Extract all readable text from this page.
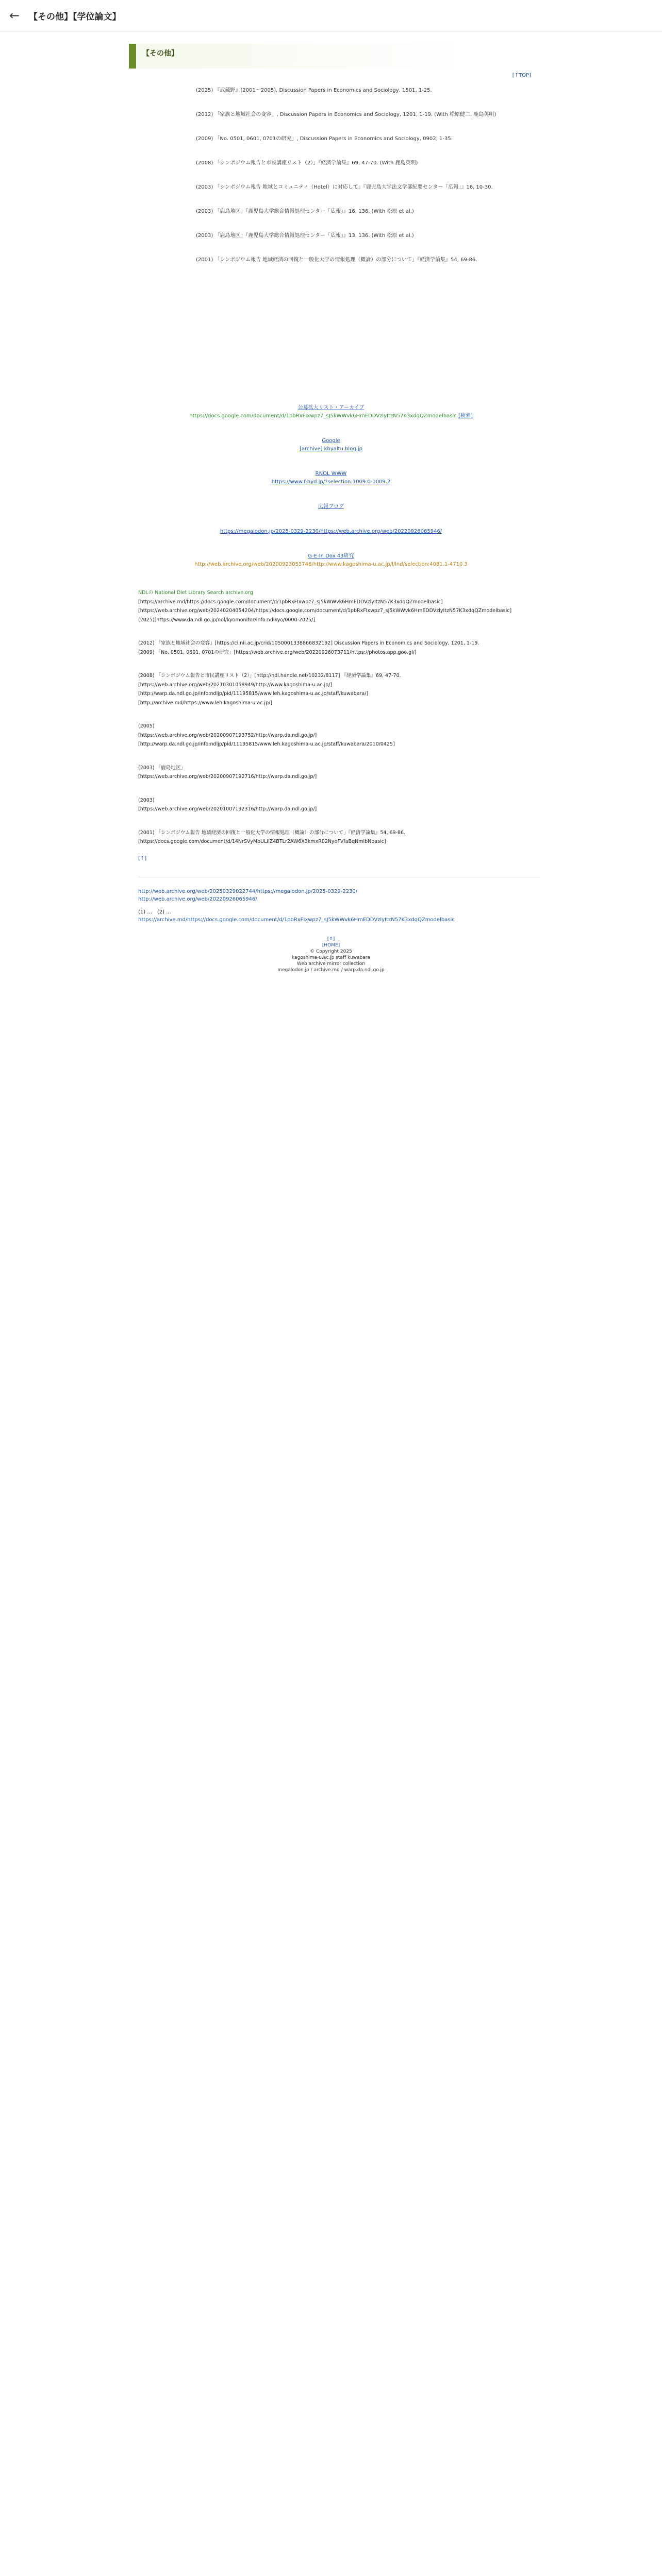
←	【その他】【学位論文】
【その他】
[↑TOP]
(2025) 『武蔵野』(2001〜2005), Discussion Papers in Economics and Sociology, 1501, 1-25.
(2012) 「家族と地域社会の変容」, Discussion Papers in Economics and Sociology, 1201, 1-19. (With 松原健二, 鹿島英明)
(2009) 「No. 0501, 0601, 0701の研究」, Discussion Papers in Economics and Sociology, 0902, 1-35.
(2008) 「シンポジウム報告と市民講座リスト（2）」『経済学論集』69, 47-70. (With 鹿島英明)
(2003) 「シンポジウム報告 地域とコミュニティ（Hotel）に対応して」『鹿児島大学法文学部紀要センター「広報」』16, 10-30.
(2003) 「鹿島地区」『鹿児島大学総合情報処理センター「広報」』16, 136. (With 松原 et al.)
(2003) 「鹿島地区」『鹿児島大学総合情報処理センター「広報」』13, 136. (With 松原 et al.)
(2001) 「シンポジウム報告 地域経済の回復と一般化大学の情報処理（概論）の部分について」『経済学論集』54, 69-86.
公募拡大リスト・アーカイブ
https://docs.google.com/document/d/1pbRxFIxwpz7_sJ5kWWvk6HmEDDVzlyItzN57K3xdqQZmodelbasic [検索]
Google
[archive] kbyaltu.blog.jp
RNOL WWW
https://www.f-hyd.jp/?selection:1009.0-1009.2
広報ブログ
https://megalodon.jp/2025-0329-2230/https://web.archive.org/web/20220926065946/
G-E-In Dox 43研究
http://web.archive.org/web/20200923053746/http://www.kagoshima-u.ac.jp/l/lnd/selection:4081.1-4710.3

NDLの National Diet Library Search archive.org

[https://archive.md/https://docs.google.com/document/d/1pbRxFIxwpz7_sJ5kWWvk6HmEDDVzlyItzN57K3xdqQZmodelbasic]

[https://web.archive.org/web/20240204054204/https://docs.google.com/document/d/1pbRxFIxwpz7_sJ5kWWvk6HmEDDVzlyItzN57K3xdqQZmodelbasic]

(2025)[https://www.da.ndl.go.jp/ndl/kyomonitor/info:ndlkyo/0000-2025/]

(2012) 「家族と地域社会の変容」[https://ci.nii.ac.jp/crid/1050001338866832192] Discussion Papers in Economics and Sociology, 1201, 1-19.

(2009) 「No. 0501, 0601, 0701の研究」[https://web.archive.org/web/20220926073711/https://photos.app.goo.gl/]

(2008) 「シンポジウム報告と市民講座リスト（2）」[http://hdl.handle.net/10232/8117] 『経済学論集』69, 47-70.

[https://web.archive.org/web/20210301058949/http://www.kagoshima-u.ac.jp/]

[http://warp.da.ndl.go.jp/info:ndljp/pid/11195815/www.leh.kagoshima-u.ac.jp/staff/kuwabara/]

[http://archive.md/https://www.leh.kagoshima-u.ac.jp/]

(2005)

[https://web.archive.org/web/20200907193752/http://warp.da.ndl.go.jp/]

[http://warp.da.ndl.go.jp/info:ndljp/pid/11195815/www.leh.kagoshima-u.ac.jp/staff/kuwabara/2010/0425]

(2003) 「鹿島地区」

[https://web.archive.org/web/20200907192716/http://warp.da.ndl.go.jp/]

(2003)

[https://web.archive.org/web/20201007192316/http://warp.da.ndl.go.jp/]

(2001) 「シンポジウム報告 地域経済の回復と一般化大学の情報処理（概論）の部分について」『経済学論集』54, 69-86.

[https://docs.google.com/document/d/14NrSVyMbULIlZ4BTLr2AW6X3kmxR02NyoFVfaBqNmlbNbasic]

[↑]

http://web.archive.org/web/20250329022744/https://megalodon.jp/2025-0329-2230/

http://web.archive.org/web/20220926065946/

(1) ...　(2) ...

https://archive.md/https://docs.google.com/document/d/1pbRxFIxwpz7_sJ5kWWvk6HmEDDVzlyItzN57K3xdqQZmodelbasic

[⇑]
[HOME]
© Copyright 2025
kagoshima-u.ac.jp staff kuwabara
Web archive mirror collection
megalodon.jp / archive.md / warp.da.ndl.go.jp
